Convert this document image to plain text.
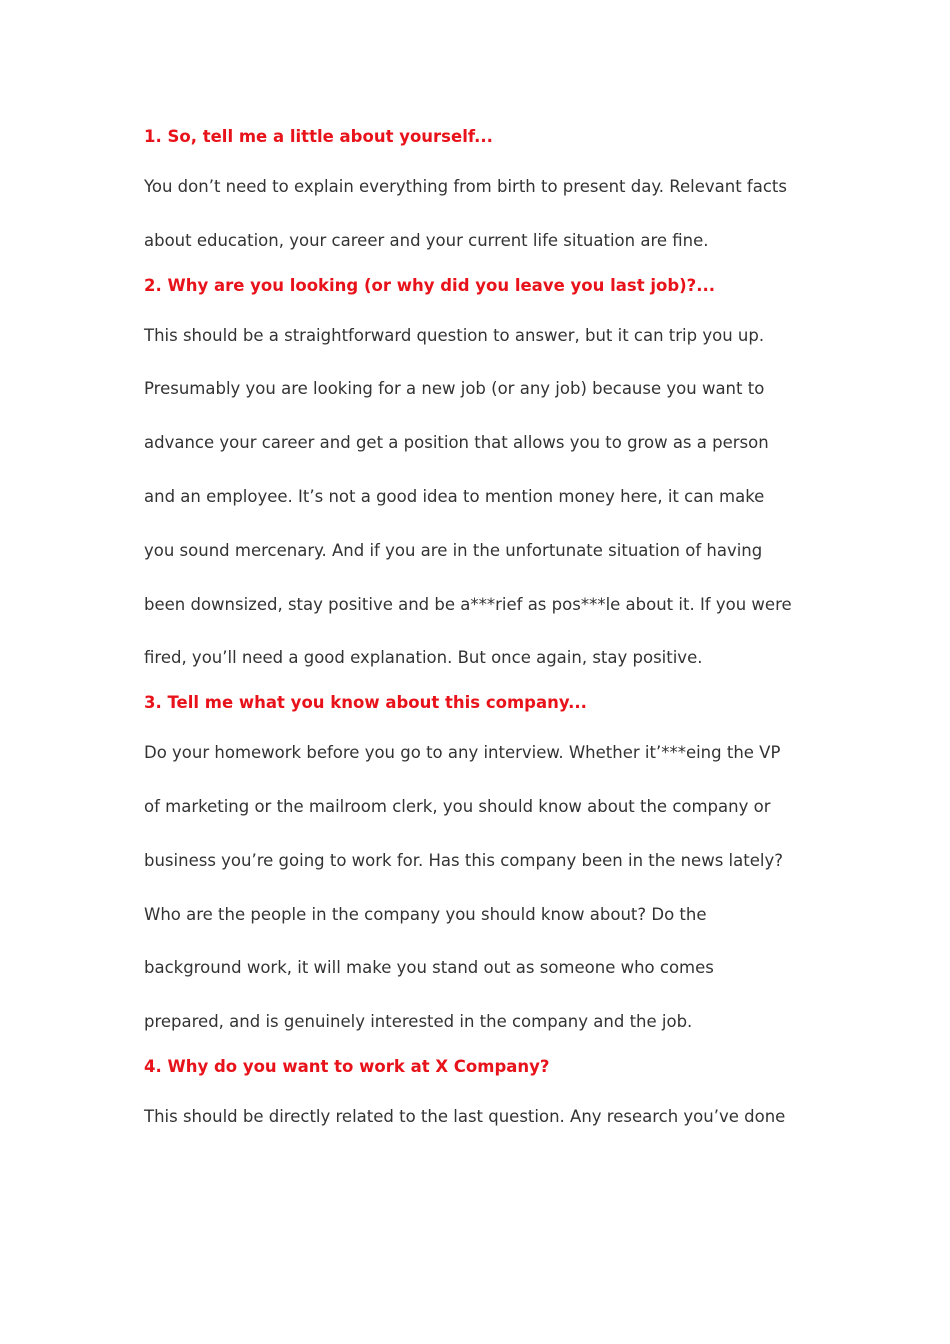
1. So, tell me a little about yourself...

You don’t need to explain everything from birth to present day. Relevant facts
about education, your career and your current life situation are fine.

2. Why are you looking (or why did you leave you last job)?...

This should be a straightforward question to answer, but it can trip you up.
Presumably you are looking for a new job (or any job) because you want to
advance your career and get a position that allows you to grow as a person
and an employee. It’s not a good idea to mention money here, it can make
you sound mercenary. And if you are in the unfortunate situation of having
been downsized, stay positive and be a***rief as pos***le about it. If you were
fired, you’ll need a good explanation. But once again, stay positive.

3. Tell me what you know about this company...

Do your homework before you go to any interview. Whether it’***eing the VP
of marketing or the mailroom clerk, you should know about the company or
business you’re going to work for. Has this company been in the news lately?
Who are the people in the company you should know about? Do the
background work, it will make you stand out as someone who comes
prepared, and is genuinely interested in the company and the job.

4. Why do you want to work at X Company?

This should be directly related to the last question. Any research you’ve done
